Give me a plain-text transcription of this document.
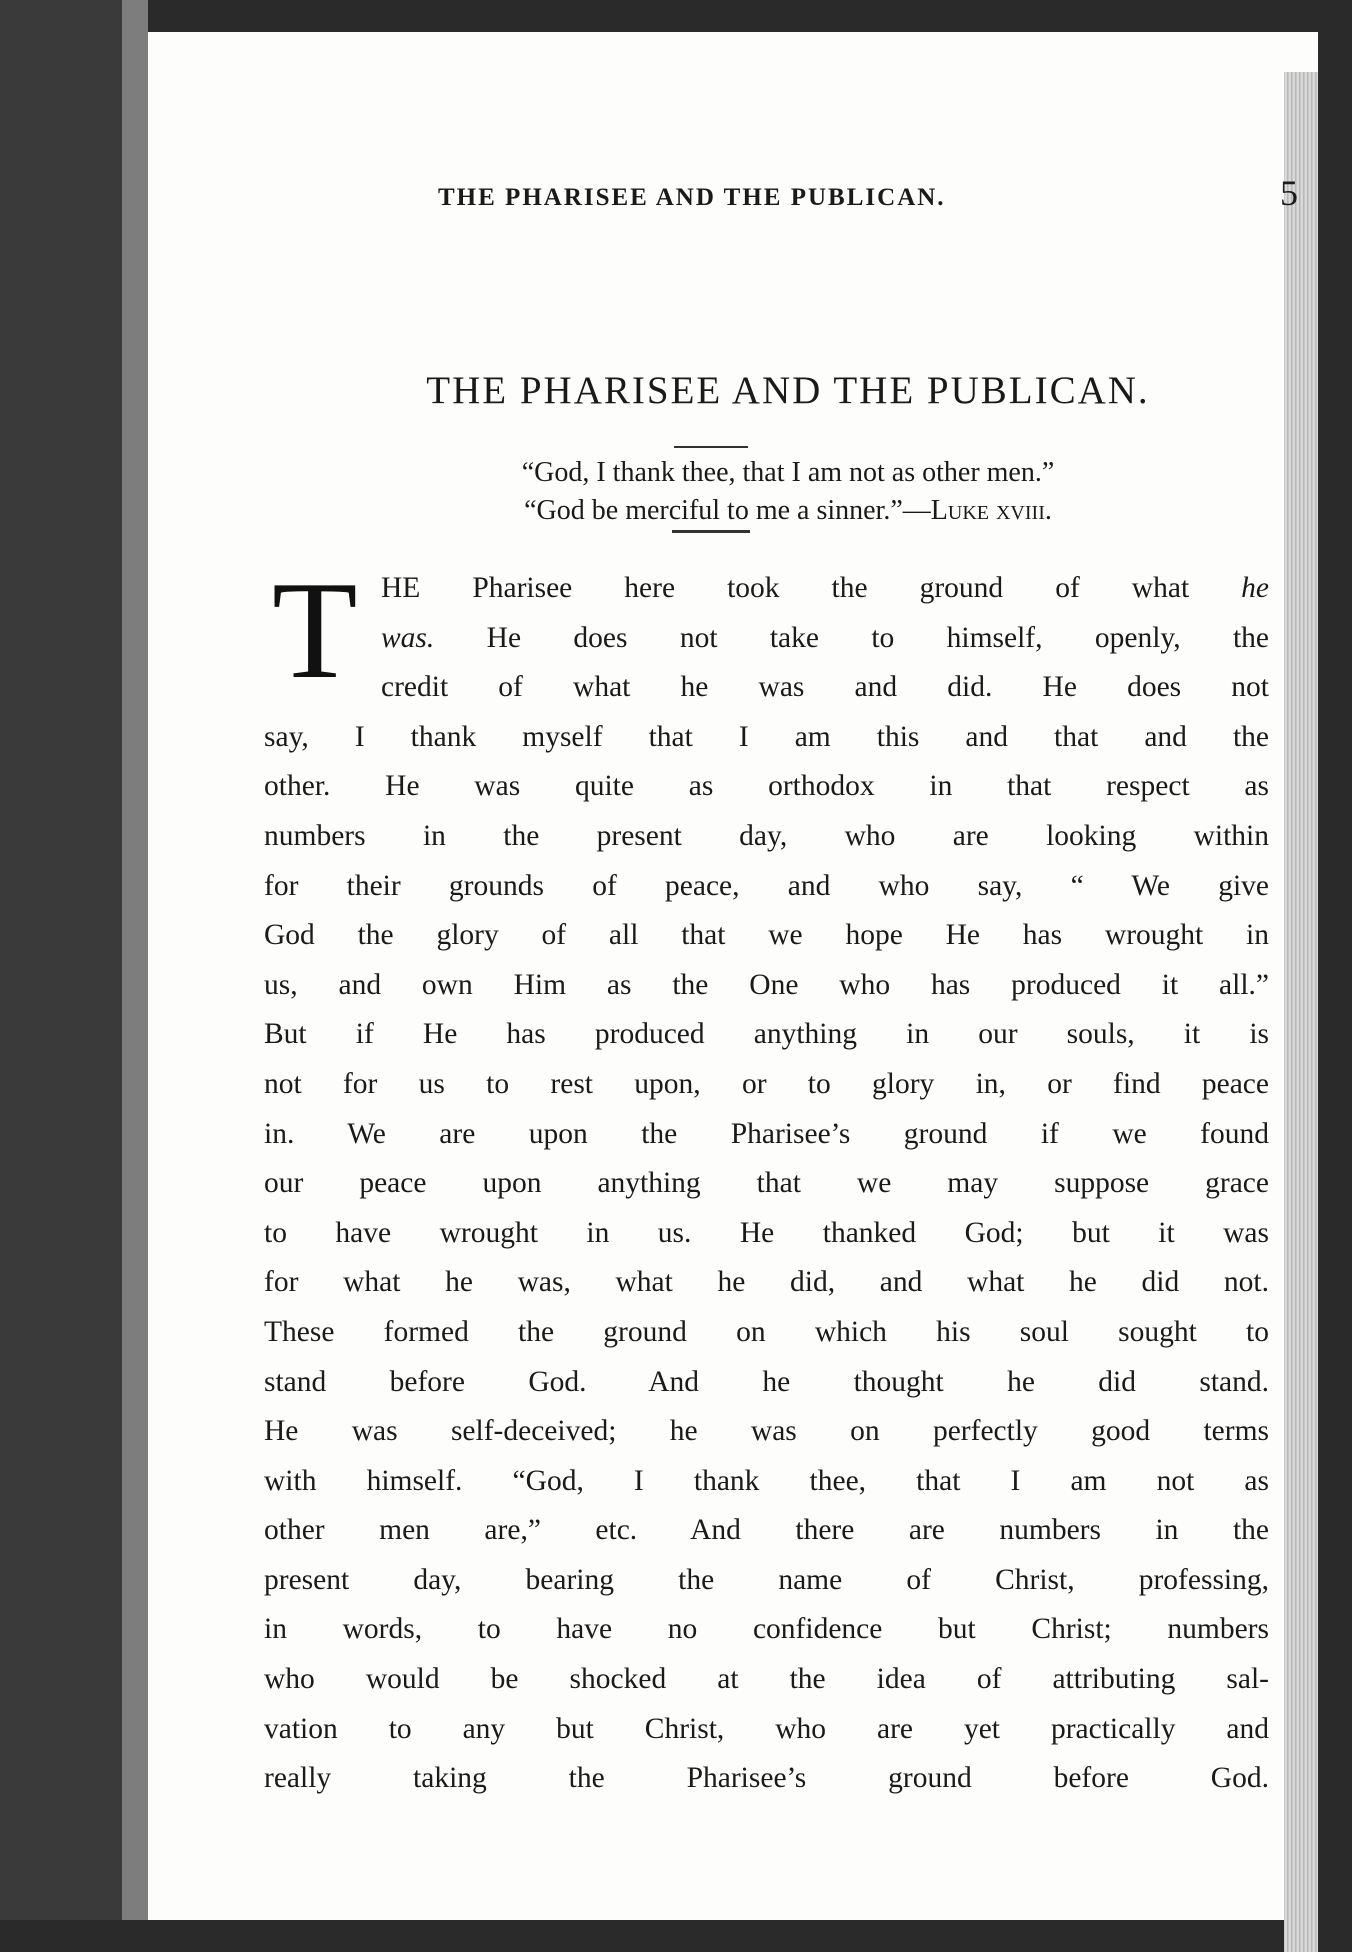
THE PHARISEE AND THE PUBLICAN.	5
THE PHARISEE AND THE PUBLICAN.
“God, I thank thee, that I am not as other men.”
“God be merciful to me a sinner.”—Luke xviii.
T HE Pharisee here took the ground of what he
was. He does not take to himself, openly, the
credit of what he was and did. He does not
say, I thank myself that I am this and that and the
other. He was quite as orthodox in that respect as
numbers in the present day, who are looking within
for their grounds of peace, and who say, “ We give
God the glory of all that we hope He has wrought in
us, and own Him as the One who has produced it all.”
But if He has produced anything in our souls, it is
not for us to rest upon, or to glory in, or find peace
in. We are upon the Pharisee’s ground if we found
our peace upon anything that we may suppose grace
to have wrought in us. He thanked God; but it was
for what he was, what he did, and what he did not.
These formed the ground on which his soul sought to
stand before God. And he thought he did stand.
He was self-deceived; he was on perfectly good terms
with himself. “God, I thank thee, that I am not as
other men are,” etc. And there are numbers in the
present day, bearing the name of Christ, professing,
in words, to have no confidence but Christ; numbers
who would be shocked at the idea of attributing sal-
vation to any but Christ, who are yet practically and
really taking the Pharisee’s ground before God.
